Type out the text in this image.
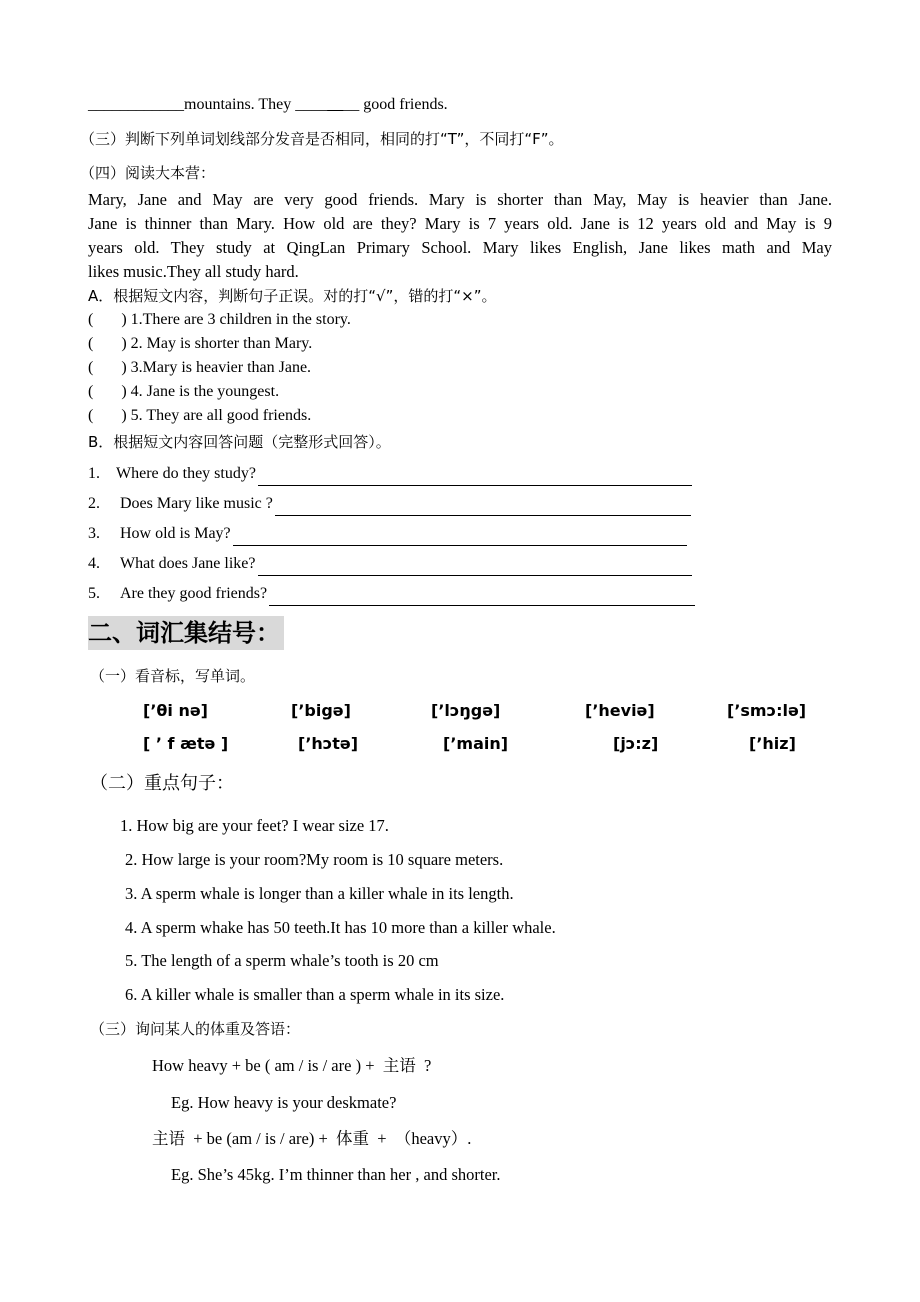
____________mountains. They ________ good friends.
（三）判断下列单词划线部分发音是否相同，相同的打“T”，不同打“F”。
（四）阅读大本营：
Mary, Jane and May are very good friends. Mary is shorter than May, May is heavier than Jane.
Jane is thinner than Mary. How old are they? Mary is 7 years old. Jane is 12 years old and May is 9
years old. They study at QingLan Primary School. Mary likes English, Jane likes math and May
likes music.They all study hard.
A．根据短文内容，判断句子正误。对的打“√”，错的打“×”。
(       ) 1.There are 3 children in the story.
(       ) 2. May is shorter than Mary.
(       ) 3.Mary is heavier than Jane.
(       ) 4. Jane is the youngest.
(       ) 5. They are all good friends.
B．根据短文内容回答问题（完整形式回答）。
1.	Where do they study?
2.	Does Mary like music ?
3.	How old is May?
4.	What does Jane like?
5.	Are they good friends?
二、词汇集结号：
（一）看音标，写单词。
[’θi nə]	[’bigə]	[’lɔŋgə]	[’heviə]	[’smɔ:lə]
[ ’ f ætə ]	[’hɔtə]	[’main]	[jɔ:z]	[’hiz]
（二）重点句子：
1. How big are your feet? I wear size 17.
2. How large is your room?My room is 10 square meters.
3. A sperm whale is longer than a killer whale in its length.
4. A sperm whake has 50 teeth.It has 10 more than a killer whale.
5. The length of a sperm whale’s tooth is 20 cm
6. A killer whale is smaller than a sperm whale in its size.
（三）询问某人的体重及答语：
How heavy + be ( am / is / are ) +  主语  ?
Eg. How heavy is your deskmate?
主语  + be (am / is / are) +  体重  +  （heavy）.
Eg. She’s 45kg. I’m thinner than her , and shorter.
